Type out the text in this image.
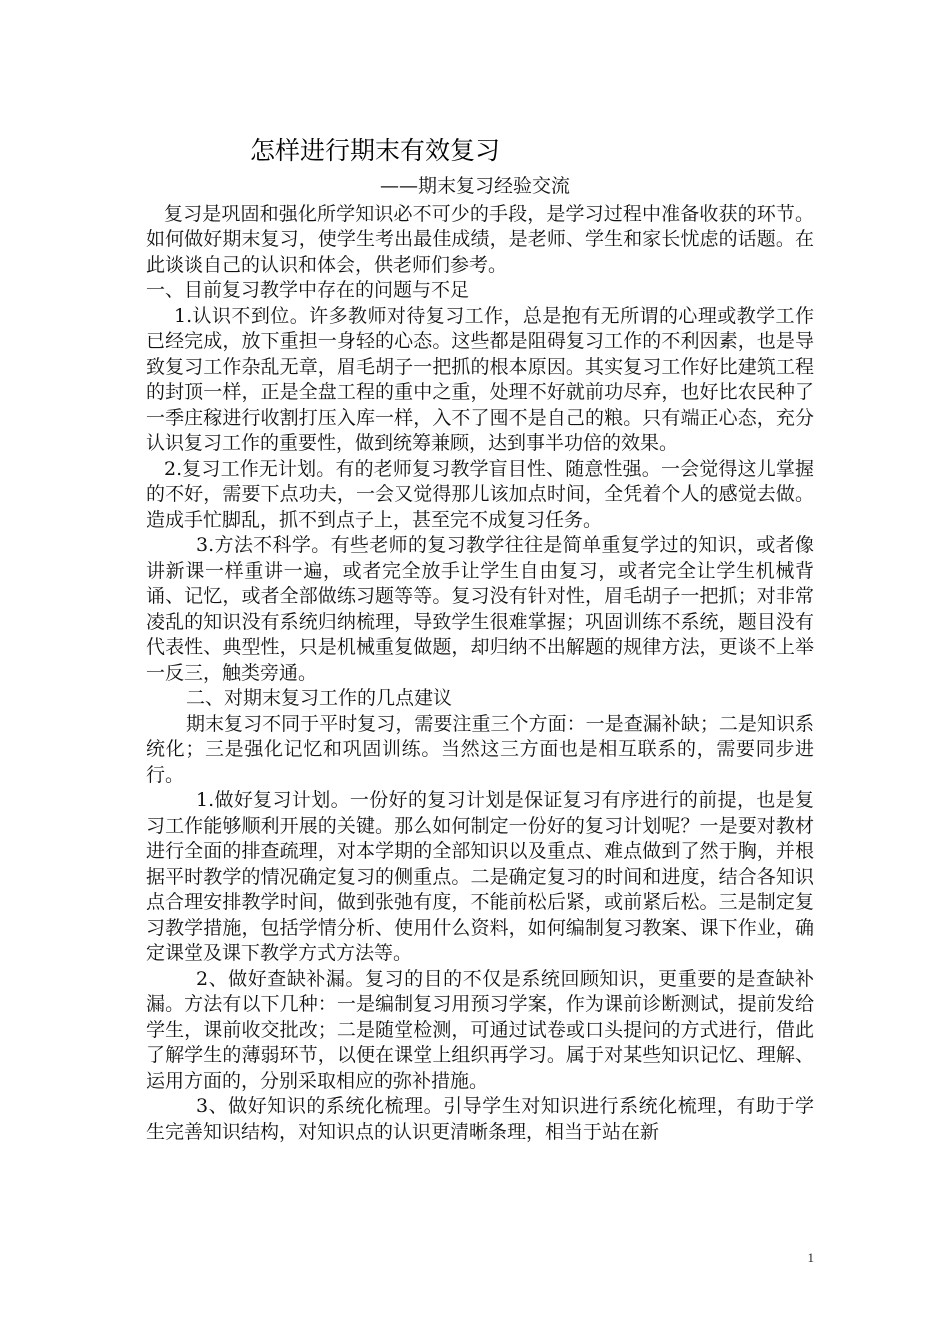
怎样进行期末有效复习
——期末复习经验交流

复习是巩固和强化所学知识必不可少的手段，是学习过程中准备收获的环节。如何做好期末复习，使学生考出最佳成绩，是老师、学生和家长忧虑的话题。在此谈谈自己的认识和体会，供老师们参考。

一、目前复习教学中存在的问题与不足

1.认识不到位。许多教师对待复习工作，总是抱有无所谓的心理或教学工作已经完成，放下重担一身轻的心态。这些都是阻碍复习工作的不利因素，也是导致复习工作杂乱无章，眉毛胡子一把抓的根本原因。其实复习工作好比建筑工程的封顶一样，正是全盘工程的重中之重，处理不好就前功尽弃，也好比农民种了一季庄稼进行收割打压入库一样，入不了囤不是自己的粮。只有端正心态，充分认识复习工作的重要性，做到统筹兼顾，达到事半功倍的效果。

2.复习工作无计划。有的老师复习教学盲目性、随意性强。一会觉得这儿掌握的不好，需要下点功夫，一会又觉得那儿该加点时间，全凭着个人的感觉去做。造成手忙脚乱，抓不到点子上，甚至完不成复习任务。

3.方法不科学。有些老师的复习教学往往是简单重复学过的知识，或者像讲新课一样重讲一遍，或者完全放手让学生自由复习，或者完全让学生机械背诵、记忆，或者全部做练习题等等。复习没有针对性，眉毛胡子一把抓；对非常凌乱的知识没有系统归纳梳理，导致学生很难掌握；巩固训练不系统，题目没有代表性、典型性，只是机械重复做题，却归纳不出解题的规律方法，更谈不上举一反三，触类旁通。

二、对期末复习工作的几点建议

期末复习不同于平时复习，需要注重三个方面：一是查漏补缺；二是知识系统化；三是强化记忆和巩固训练。当然这三方面也是相互联系的，需要同步进行。

1.做好复习计划。一份好的复习计划是保证复习有序进行的前提，也是复习工作能够顺利开展的关键。那么如何制定一份好的复习计划呢？一是要对教材进行全面的排查疏理，对本学期的全部知识以及重点、难点做到了然于胸，并根据平时教学的情况确定复习的侧重点。二是确定复习的时间和进度，结合各知识点合理安排教学时间，做到张弛有度，不能前松后紧，或前紧后松。三是制定复习教学措施，包括学情分析、使用什么资料，如何编制复习教案、课下作业，确定课堂及课下教学方式方法等。

2、做好查缺补漏。复习的目的不仅是系统回顾知识，更重要的是查缺补漏。方法有以下几种：一是编制复习用预习学案，作为课前诊断测试，提前发给学生，课前收交批改；二是随堂检测，可通过试卷或口头提问的方式进行，借此了解学生的薄弱环节，以便在课堂上组织再学习。属于对某些知识记忆、理解、运用方面的，分别采取相应的弥补措施。

3、做好知识的系统化梳理。引导学生对知识进行系统化梳理，有助于学生完善知识结构，对知识点的认识更清晰条理，相当于站在新

1
